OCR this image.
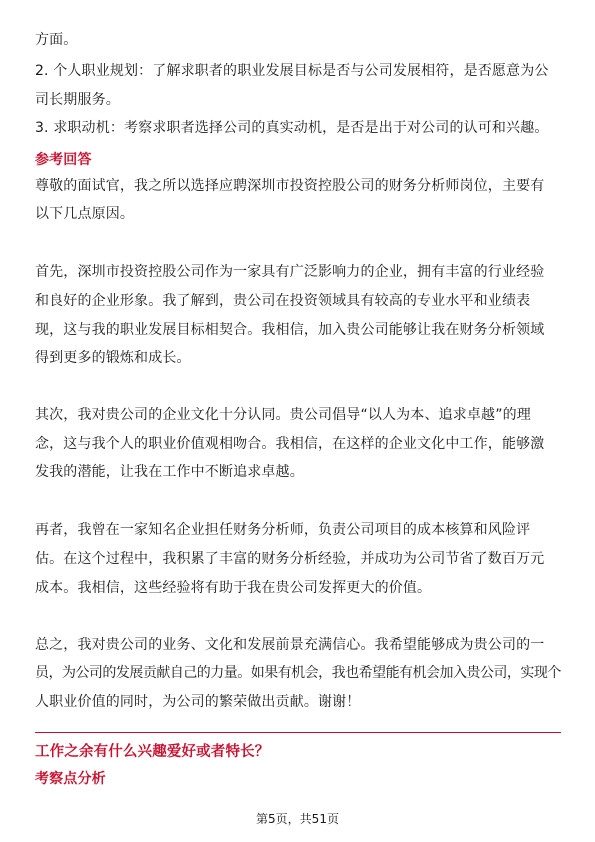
方面。
2. 个人职业规划：了解求职者的职业发展目标是否与公司发展相符，是否愿意为公
司长期服务。
3. 求职动机：考察求职者选择公司的真实动机，是否是出于对公司的认可和兴趣。
参考回答
尊敬的面试官，我之所以选择应聘深圳市投资控股公司的财务分析师岗位，主要有
以下几点原因。
首先，深圳市投资控股公司作为一家具有广泛影响力的企业，拥有丰富的行业经验
和良好的企业形象。我了解到，贵公司在投资领域具有较高的专业水平和业绩表
现，这与我的职业发展目标相契合。我相信，加入贵公司能够让我在财务分析领域
得到更多的锻炼和成长。
其次，我对贵公司的企业文化十分认同。贵公司倡导“以人为本、追求卓越”的理
念，这与我个人的职业价值观相吻合。我相信，在这样的企业文化中工作，能够激
发我的潜能，让我在工作中不断追求卓越。
再者，我曾在一家知名企业担任财务分析师，负责公司项目的成本核算和风险评
估。在这个过程中，我积累了丰富的财务分析经验，并成功为公司节省了数百万元
成本。我相信，这些经验将有助于我在贵公司发挥更大的价值。
总之，我对贵公司的业务、文化和发展前景充满信心。我希望能够成为贵公司的一
员，为公司的发展贡献自己的力量。如果有机会，我也希望能有机会加入贵公司，实现个
人职业价值的同时，为公司的繁荣做出贡献。谢谢！
工作之余有什么兴趣爱好或者特长？
考察点分析
第5页，共51页
